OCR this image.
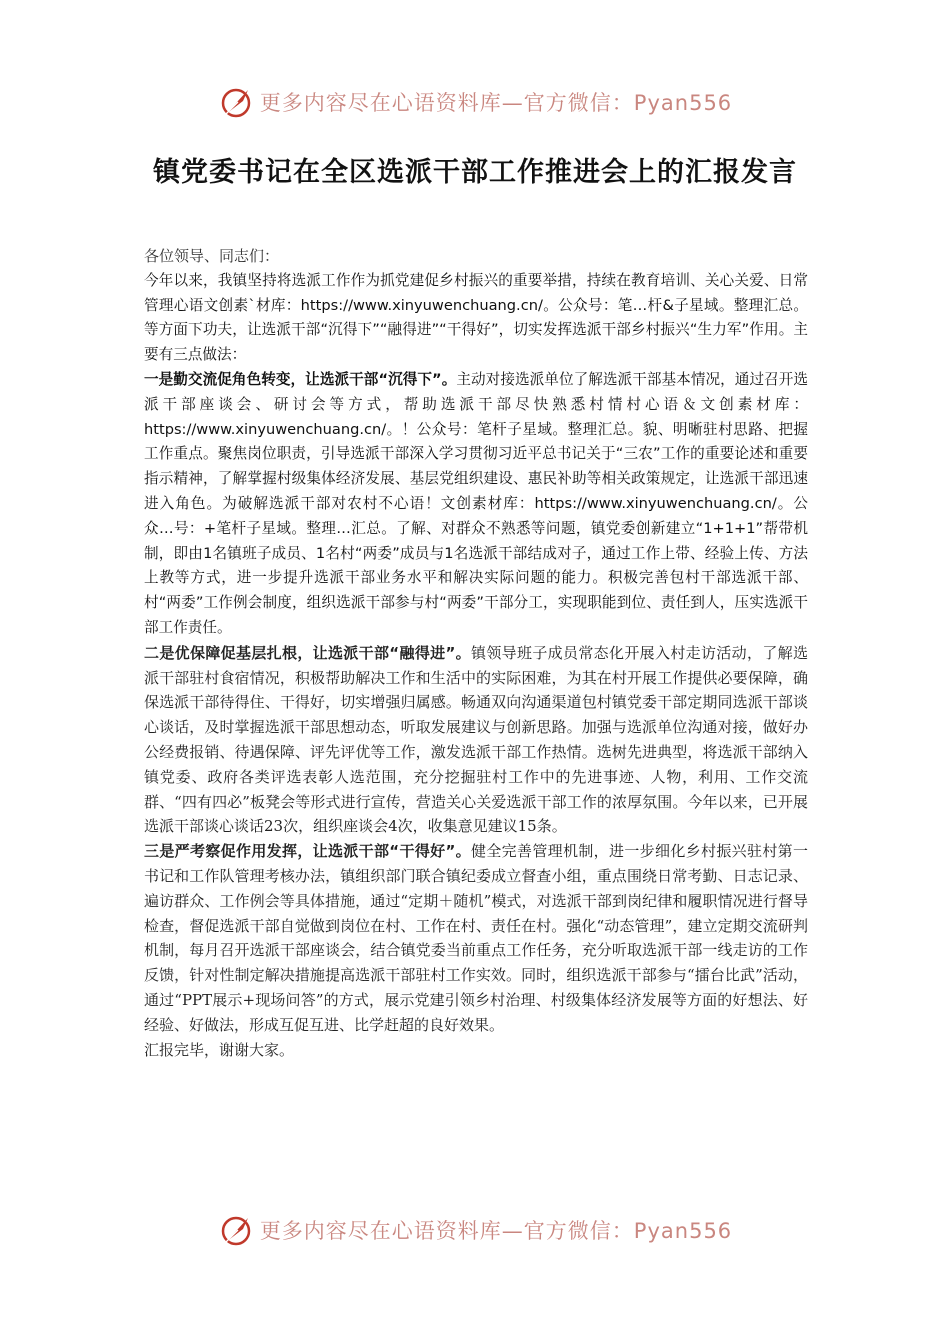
更多内容尽在心语资料库—官方微信：Pyan556
镇党委书记在全区选派干部工作推进会上的汇报发言

各位领导、同志们：

今年以来，我镇坚持将选派工作作为抓党建促乡村振兴的重要举措，持续在教育培训、关心关爱、日常管理心语文创素`材库：https://www.xinyuwenchuang.cn/。公众号：笔…杆&子星域。整理汇总。等方面下功夫，让选派干部“沉得下”“融得进”“干得好”，切实发挥选派干部乡村振兴“生力军”作用。主要有三点做法：

一是勤交流促角色转变，让选派干部“沉得下”。主动对接选派单位了解选派干部基本情况，通过召开选派干部座谈会、研讨会等方式，帮助选派干部尽快熟悉村情村心语＆文创素材库：https://www.xinyuwenchuang.cn/。！公众号：笔杆子星域。整理汇总。貌、明晰驻村思路、把握工作重点。聚焦岗位职责，引导选派干部深入学习贯彻习近平总书记关于“三农”工作的重要论述和重要指示精神，了解掌握村级集体经济发展、基层党组织建设、惠民补助等相关政策规定，让选派干部迅速进入角色。为破解选派干部对农村不心语！文创素材库：https://www.xinyuwenchuang.cn/。公众…号：+笔杆子星域。整理…汇总。了解、对群众不熟悉等问题，镇党委创新建立“1+1+1”帮带机制，即由1名镇班子成员、1名村“两委”成员与1名选派干部结成对子，通过工作上带、经验上传、方法上教等方式，进一步提升选派干部业务水平和解决实际问题的能力。积极完善包村干部选派干部、村“两委”工作例会制度，组织选派干部参与村“两委”干部分工，实现职能到位、责任到人，压实选派干部工作责任。

二是优保障促基层扎根，让选派干部“融得进”。镇领导班子成员常态化开展入村走访活动，了解选派干部驻村食宿情况，积极帮助解决工作和生活中的实际困难，为其在村开展工作提供必要保障，确保选派干部待得住、干得好，切实增强归属感。畅通双向沟通渠道包村镇党委干部定期同选派干部谈心谈话，及时掌握选派干部思想动态，听取发展建议与创新思路。加强与选派单位沟通对接，做好办公经费报销、待遇保障、评先评优等工作，激发选派干部工作热情。选树先进典型，将选派干部纳入镇党委、政府各类评选表彰人选范围，充分挖掘驻村工作中的先进事迹、人物，利用、工作交流群、“四有四必”板凳会等形式进行宣传，营造关心关爱选派干部工作的浓厚氛围。今年以来，已开展选派干部谈心谈话23次，组织座谈会4次，收集意见建议15条。

三是严考察促作用发挥，让选派干部“干得好”。健全完善管理机制，进一步细化乡村振兴驻村第一书记和工作队管理考核办法，镇组织部门联合镇纪委成立督查小组，重点围绕日常考勤、日志记录、遍访群众、工作例会等具体措施，通过“定期＋随机”模式，对选派干部到岗纪律和履职情况进行督导检查，督促选派干部自觉做到岗位在村、工作在村、责任在村。强化“动态管理”，建立定期交流研判机制，每月召开选派干部座谈会，结合镇党委当前重点工作任务，充分听取选派干部一线走访的工作反馈，针对性制定解决措施提高选派干部驻村工作实效。同时，组织选派干部参与“擂台比武”活动，通过“PPT展示+现场问答”的方式，展示党建引领乡村治理、村级集体经济发展等方面的好想法、好经验、好做法，形成互促互进、比学赶超的良好效果。

汇报完毕，谢谢大家。

更多内容尽在心语资料库—官方微信：Pyan556
